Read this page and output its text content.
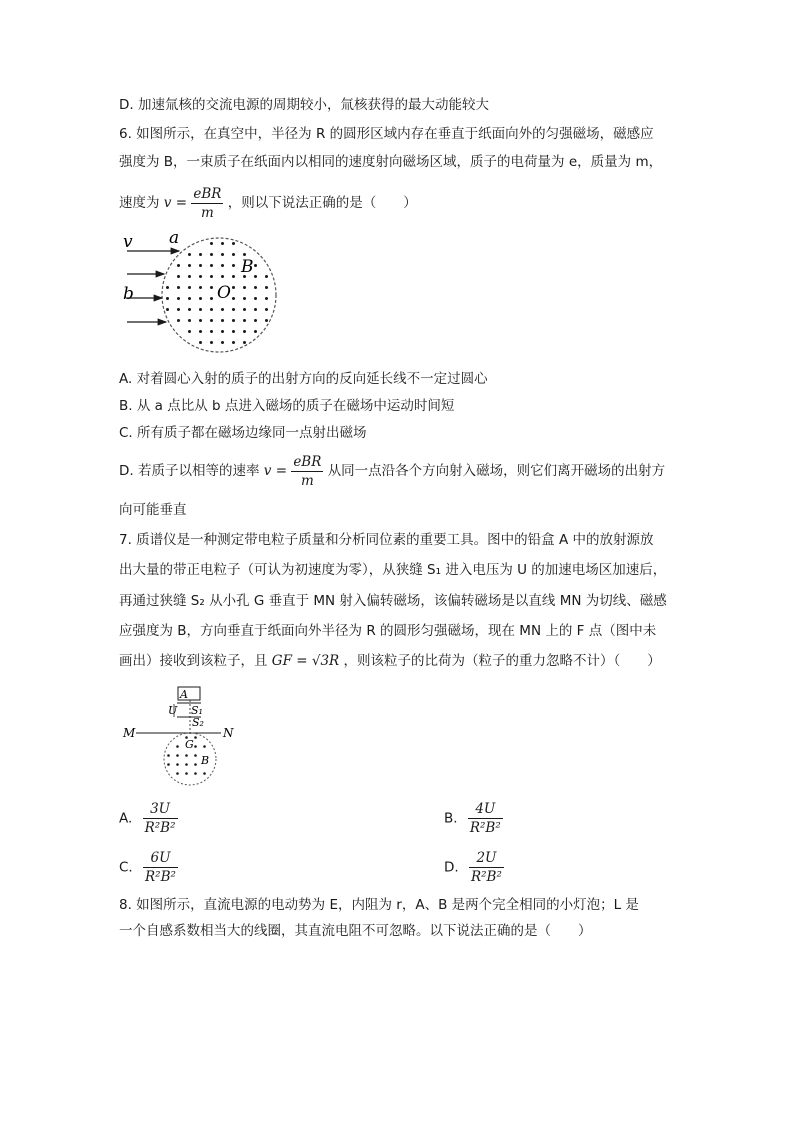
D. 加速氚核的交流电源的周期较小，氚核获得的最大动能较大
6. 如图所示，在真空中，半径为 R 的圆形区域内存在垂直于纸面向外的匀强磁场，磁感应
强度为 B，一束质子在纸面内以相同的速度射向磁场区域，质子的电荷量为 e，质量为 m，
速度为 $v = \frac{\text{eBR}}{m}$ ，则以下说法正确的是（　　）
v a
b
B
O
A. 对着圆心入射的质子的出射方向的反向延长线不一定过圆心
B. 从 a 点比从 b 点进入磁场的质子在磁场中运动时间短
C. 所有质子都在磁场边缘同一点射出磁场
D. 若质子以相等的速率 $v = \frac{\text{eBR}}{m}$ 从同一点沿各个方向射入磁场，则它们离开磁场的出射方
向可能垂直
7. 质谱仪是一种测定带电粒子质量和分析同位素的重要工具。图中的铅盒 A 中的放射源放
出大量的带正电粒子（可认为初速度为零），从狭缝 S₁ 进入电压为 U 的加速电场区加速后，
再通过狭缝 S₂ 从小孔 G 垂直于 MN 射入偏转磁场，该偏转磁场是以直线 MN 为切线、磁感
应强度为 B，方向垂直于纸面向外半径为 R 的圆形匀强磁场，现在 MN 上的 F 点（图中未
画出）接收到该粒子，且 GF = √3R ，则该粒子的比荷为（粒子的重力忽略不计）（　　）
A
U S₁
S₂
M	N
G
B
A. $\frac{3U}{\text{R²B²}}$	B. $\frac{4U}{\text{R²B²}}$
C. $\frac{6U}{\text{R²B²}}$	D. $\frac{2U}{\text{R²B²}}$
8. 如图所示，直流电源的电动势为 E，内阻为 r，A、B 是两个完全相同的小灯泡；L 是
一个自感系数相当大的线圈，其直流电阻不可忽略。以下说法正确的是（　　）
